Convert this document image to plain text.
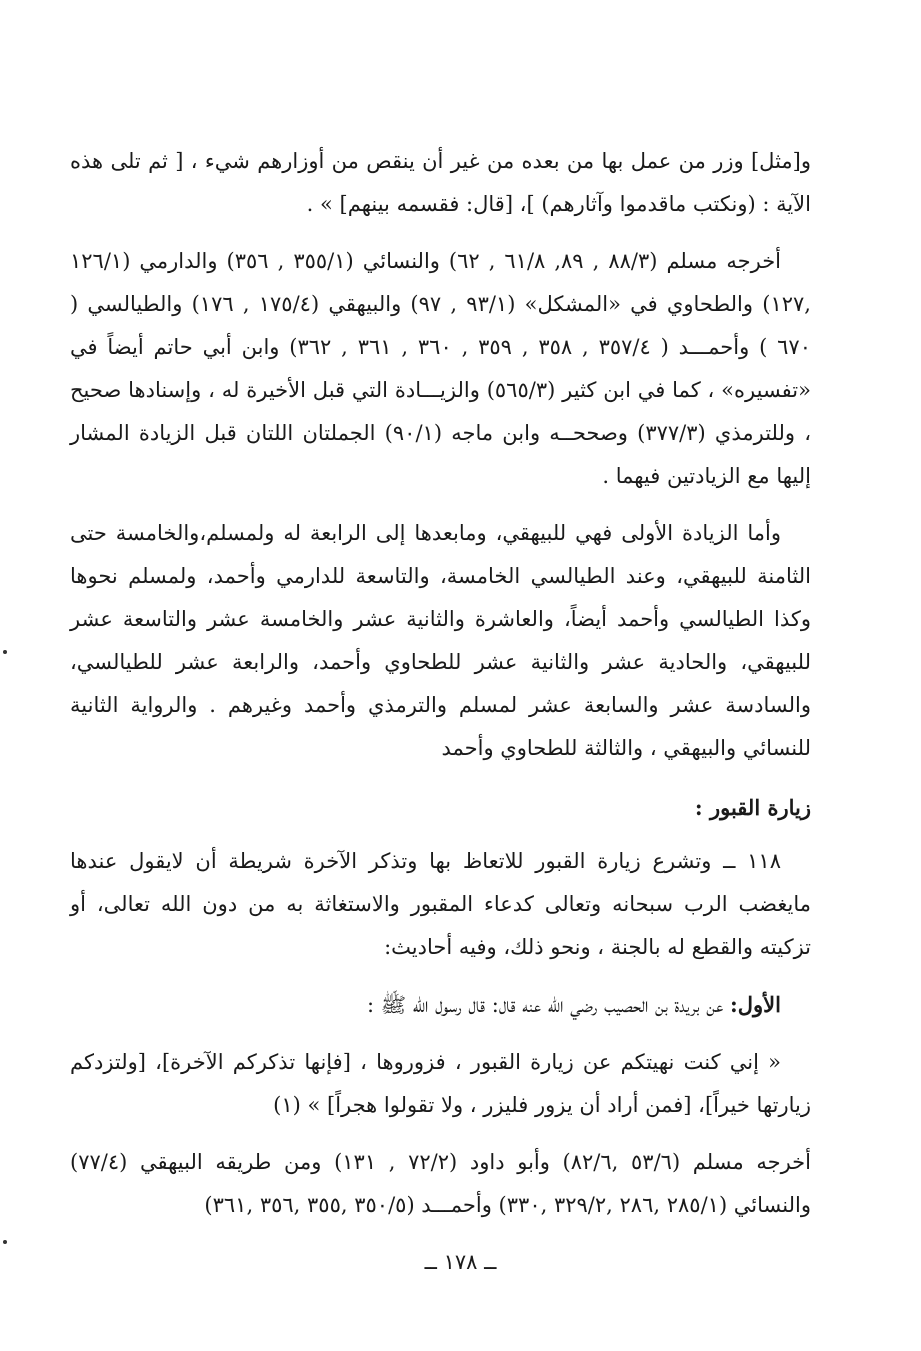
و[مثل] وزر من عمل بها من بعده من غير أن ينقص من أوزارهم شيء ، [ ثم تلى هذه الآية : (ونكتب ماقدموا وآثارهم) ]، [قال: فقسمه بينهم] » .

أخرجه مسلم (٨٨/٣ , ٨٩, ٦١/٨ , ٦٢) والنسائي (٣٥٥/١ , ٣٥٦) والدارمي (١٢٦/١ ,١٢٧) والطحاوي في «المشكل» (٩٣/١ , ٩٧) والبيهقي (١٧٥/٤ , ١٧٦) والطيالسي ( ٦٧٠ ) وأحمـــد ( ٣٥٧/٤ , ٣٥٨ , ٣٥٩ , ٣٦٠ , ٣٦١ , ٣٦٢) وابن أبي حاتم أيضاً في «تفسيره» ، كما في ابن كثير (٥٦٥/٣) والزيـــادة التي قبل الأخيرة له ، وإسنادها صحيح ، وللترمذي (٣٧٧/٣) وصححــه وابن ماجه (٩٠/١) الجملتان اللتان قبل الزيادة المشار إليها مع الزيادتين فيهما .

وأما الزيادة الأولى فهي للبيهقي، ومابعدها إلى الرابعة له ولمسلم،والخامسة حتى الثامنة للبيهقي، وعند الطيالسي الخامسة، والتاسعة للدارمي وأحمد، ولمسلم نحوها وكذا الطيالسي وأحمد أيضاً، والعاشرة والثانية عشر والخامسة عشر والتاسعة عشر للبيهقي، والحادية عشر والثانية عشر للطحاوي وأحمد، والرابعة عشر للطيالسي، والسادسة عشر والسابعة عشر لمسلم والترمذي وأحمد وغيرهم . والرواية الثانية للنسائي والبيهقي ، والثالثة للطحاوي وأحمد

زيارة القبور :

١١٨ ــ وتشرع زيارة القبور للاتعاظ بها وتذكر الآخرة شريطة أن لايقول عندها مايغضب الرب سبحانه وتعالى كدعاء المقبور والاستغاثة به من دون الله تعالى، أو تزكيته والقطع له بالجنة ، ونحو ذلك، وفيه أحاديث:

الأول: عن بريدة بن الحصيب رضي الله عنه قال: قال رسول الله ﷺ :

« إني كنت نهيتكم عن زيارة القبور ، فزوروها ، [فإنها تذكركم الآخرة]، [ولتزدكم زيارتها خيراً]، [فمن أراد أن يزور فليزر ، ولا تقولوا هجراً] » (١)

أخرجه مسلم (٥٣/٦ ,٨٢/٦) وأبو داود (٧٢/٢ , ١٣١) ومن طريقه البيهقي (٧٧/٤) والنسائي (٢٨٥/١ ,٢٨٦ ,٣٢٩/٢ ,٣٣٠) وأحمـــد (٣٥٠/٥ ,٣٥٥ ,٣٥٦ ,٣٦١)

ــ ١٧٨ ــ
